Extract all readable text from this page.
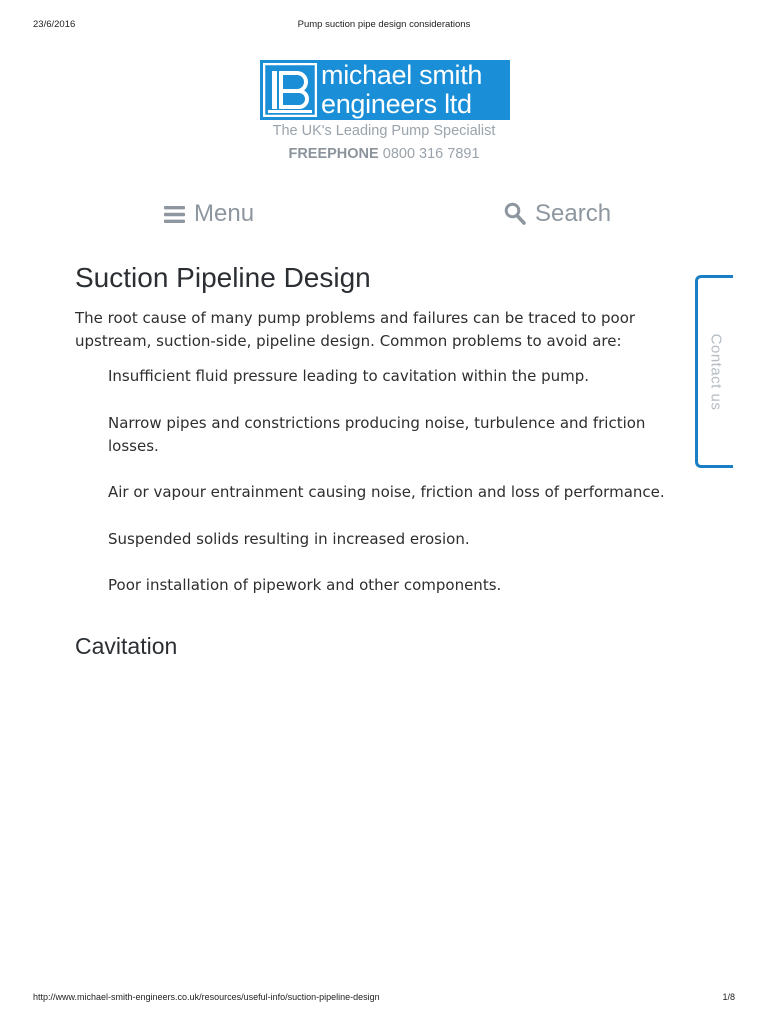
23/6/2016	Pump suction pipe design considerations
michael smith
engineers ltd
The UK's Leading Pump Specialist
FREEPHONE 0800 316 7891
Menu	Search
Contact us
Suction Pipeline Design

The root cause of many pump problems and failures can be traced to poor upstream, suction-side, pipeline design. Common problems to avoid are:

Insufficient fluid pressure leading to cavitation within the pump.
Narrow pipes and constrictions producing noise, turbulence and friction losses.
Air or vapour entrainment causing noise, friction and loss of performance.
Suspended solids resulting in increased erosion.
Poor installation of pipework and other components.
Cavitation
http://www.michael-smith-engineers.co.uk/resources/useful-info/suction-pipeline-design	1/8
